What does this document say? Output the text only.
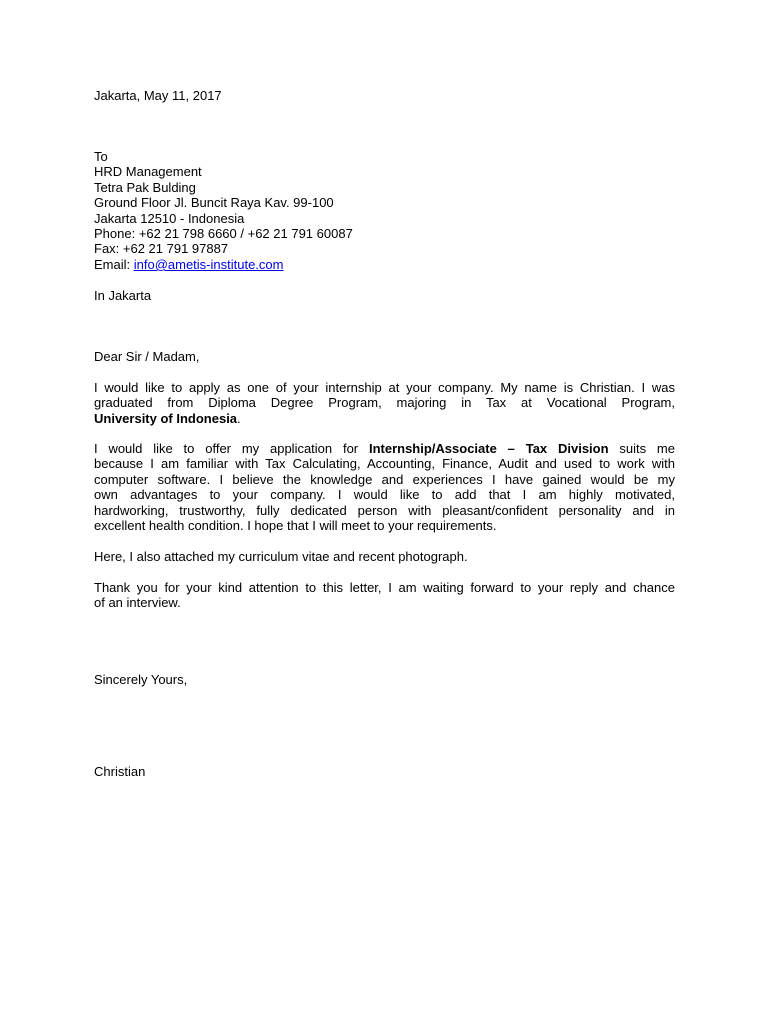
Jakarta, May 11, 2017

To

HRD Management

Tetra Pak Bulding

Ground Floor Jl. Buncit Raya Kav. 99-100

Jakarta 12510 - Indonesia

Phone: +62 21 798 6660 / +62 21 791 60087

Fax: +62 21 791 97887

Email: info@ametis-institute.com

In Jakarta

Dear Sir / Madam,

I would like to apply as one of your internship at your company. My name is Christian. I was
graduated from Diploma Degree Program, majoring in Tax at Vocational Program,
University of Indonesia.
I would like to offer my application for Internship/Associate – Tax Division suits me
because I am familiar with Tax Calculating, Accounting, Finance, Audit and used to work with
computer software. I believe the knowledge and experiences I have gained would be my
own advantages to your company. I would like to add that I am highly motivated,
hardworking, trustworthy, fully dedicated person with pleasant/confident personality and in
excellent health condition. I hope that I will meet to your requirements.

Here, I also attached my curriculum vitae and recent photograph.

Thank you for your kind attention to this letter, I am waiting forward to your reply and chance
of an interview.

Sincerely Yours,

Christian
